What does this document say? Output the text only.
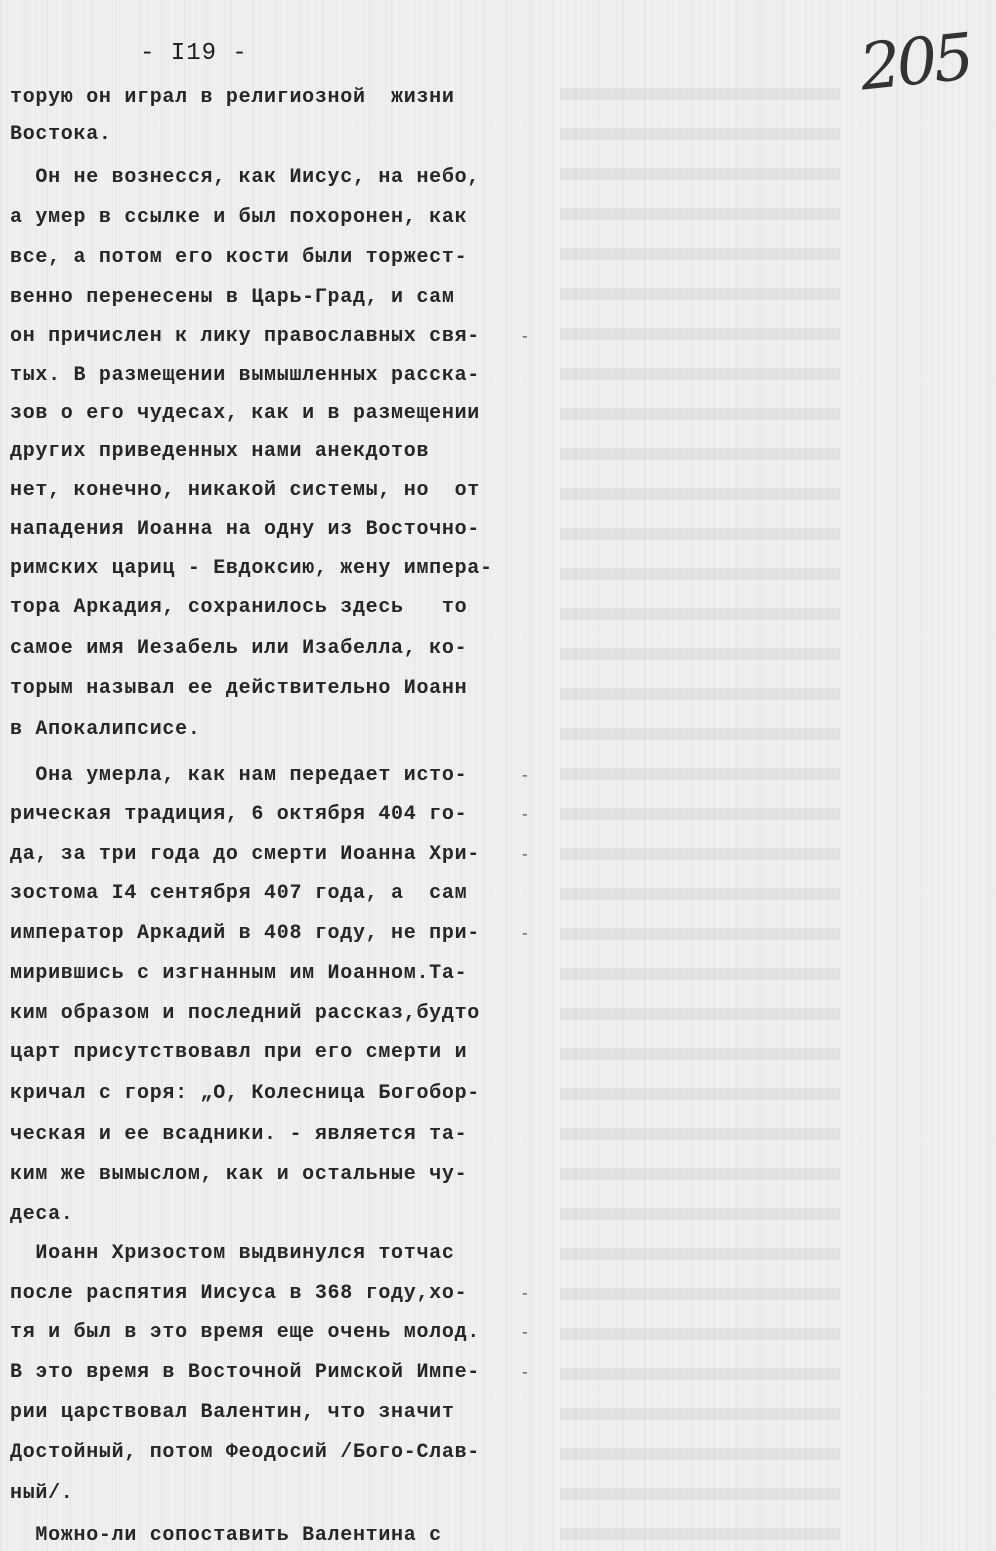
- I19 -	205
торую он играл в религиозной  жизни
Востока.
Он не вознесся, как Иисус, на небо,
а умер в ссылке и был похоронен, как
все, а потом его кости были торжест-
венно перенесены в Царь-Град, и сам
он причислен к лику православных свя-
тых. В размещении вымышленных расска-
зов о его чудесах, как и в размещении
других приведенных нами анекдотов
нет, конечно, никакой системы, но  от
нападения Иоанна на одну из Восточно-
римских цариц - Евдоксию, жену импера-
тора Аркадия, сохранилось здесь   то
самое имя Иезабель или Изабелла, ко-
торым называл ее действительно Иоанн
в Апокалипсисе.
Она умерла, как нам передает исто-
рическая традиция, 6 октября 404 го-
да, за три года до смерти Иоанна Хри-
зостома I4 сентября 407 года, а  сам
император Аркадий в 408 году, не при-
мирившись с изгнанным им Иоанном.Та-
ким образом и последний рассказ,будто
царт присутствовавл при его смерти и
кричал с горя: „О, Колесница Богобор-
ческая и ее всадники. - является та-
ким же вымыслом, как и остальные чу-
деса.
Иоанн Хризостом выдвинулся тотчас
после распятия Иисуса в 368 году,хо-
тя и был в это время еще очень молод.
В это время в Восточной Римской Импе-
рии царствовал Валентин, что значит
Достойный, потом Феодосий /Бого-Слав-
ный/.
Можно-ли сопоставить Валентина с
-
-
-
-
-
-
-
-
